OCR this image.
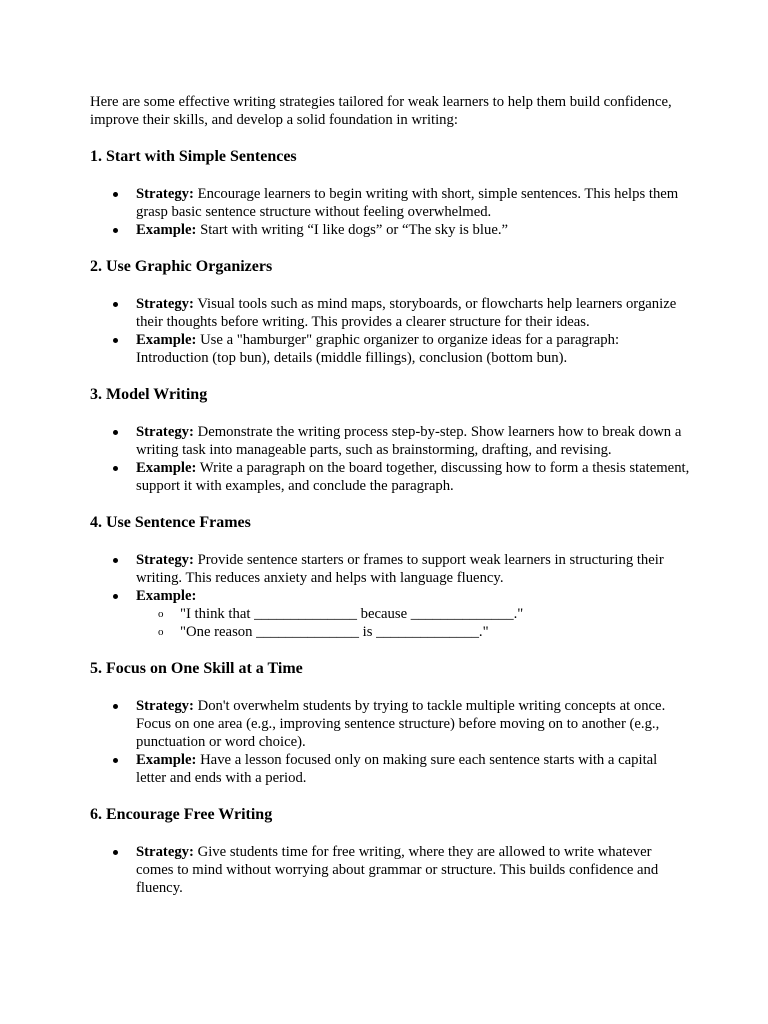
Here are some effective writing strategies tailored for weak learners to help them build confidence, improve their skills, and develop a solid foundation in writing:

1. Start with Simple Sentences
Strategy: Encourage learners to begin writing with short, simple sentences. This helps them grasp basic sentence structure without feeling overwhelmed.
Example: Start with writing “I like dogs” or “The sky is blue.”
2. Use Graphic Organizers
Strategy: Visual tools such as mind maps, storyboards, or flowcharts help learners organize their thoughts before writing. This provides a clearer structure for their ideas.
Example: Use a "hamburger" graphic organizer to organize ideas for a paragraph: Introduction (top bun), details (middle fillings), conclusion (bottom bun).
3. Model Writing
Strategy: Demonstrate the writing process step-by-step. Show learners how to break down a writing task into manageable parts, such as brainstorming, drafting, and revising.
Example: Write a paragraph on the board together, discussing how to form a thesis statement, support it with examples, and conclude the paragraph.
4. Use Sentence Frames
Strategy: Provide sentence starters or frames to support weak learners in structuring their writing. This reduces anxiety and helps with language fluency.
Example:
o "I think that ______________ because ______________."
o "One reason ______________ is ______________."
5. Focus on One Skill at a Time
Strategy: Don't overwhelm students by trying to tackle multiple writing concepts at once. Focus on one area (e.g., improving sentence structure) before moving on to another (e.g., punctuation or word choice).
Example: Have a lesson focused only on making sure each sentence starts with a capital letter and ends with a period.
6. Encourage Free Writing
Strategy: Give students time for free writing, where they are allowed to write whatever comes to mind without worrying about grammar or structure. This builds confidence and fluency.
